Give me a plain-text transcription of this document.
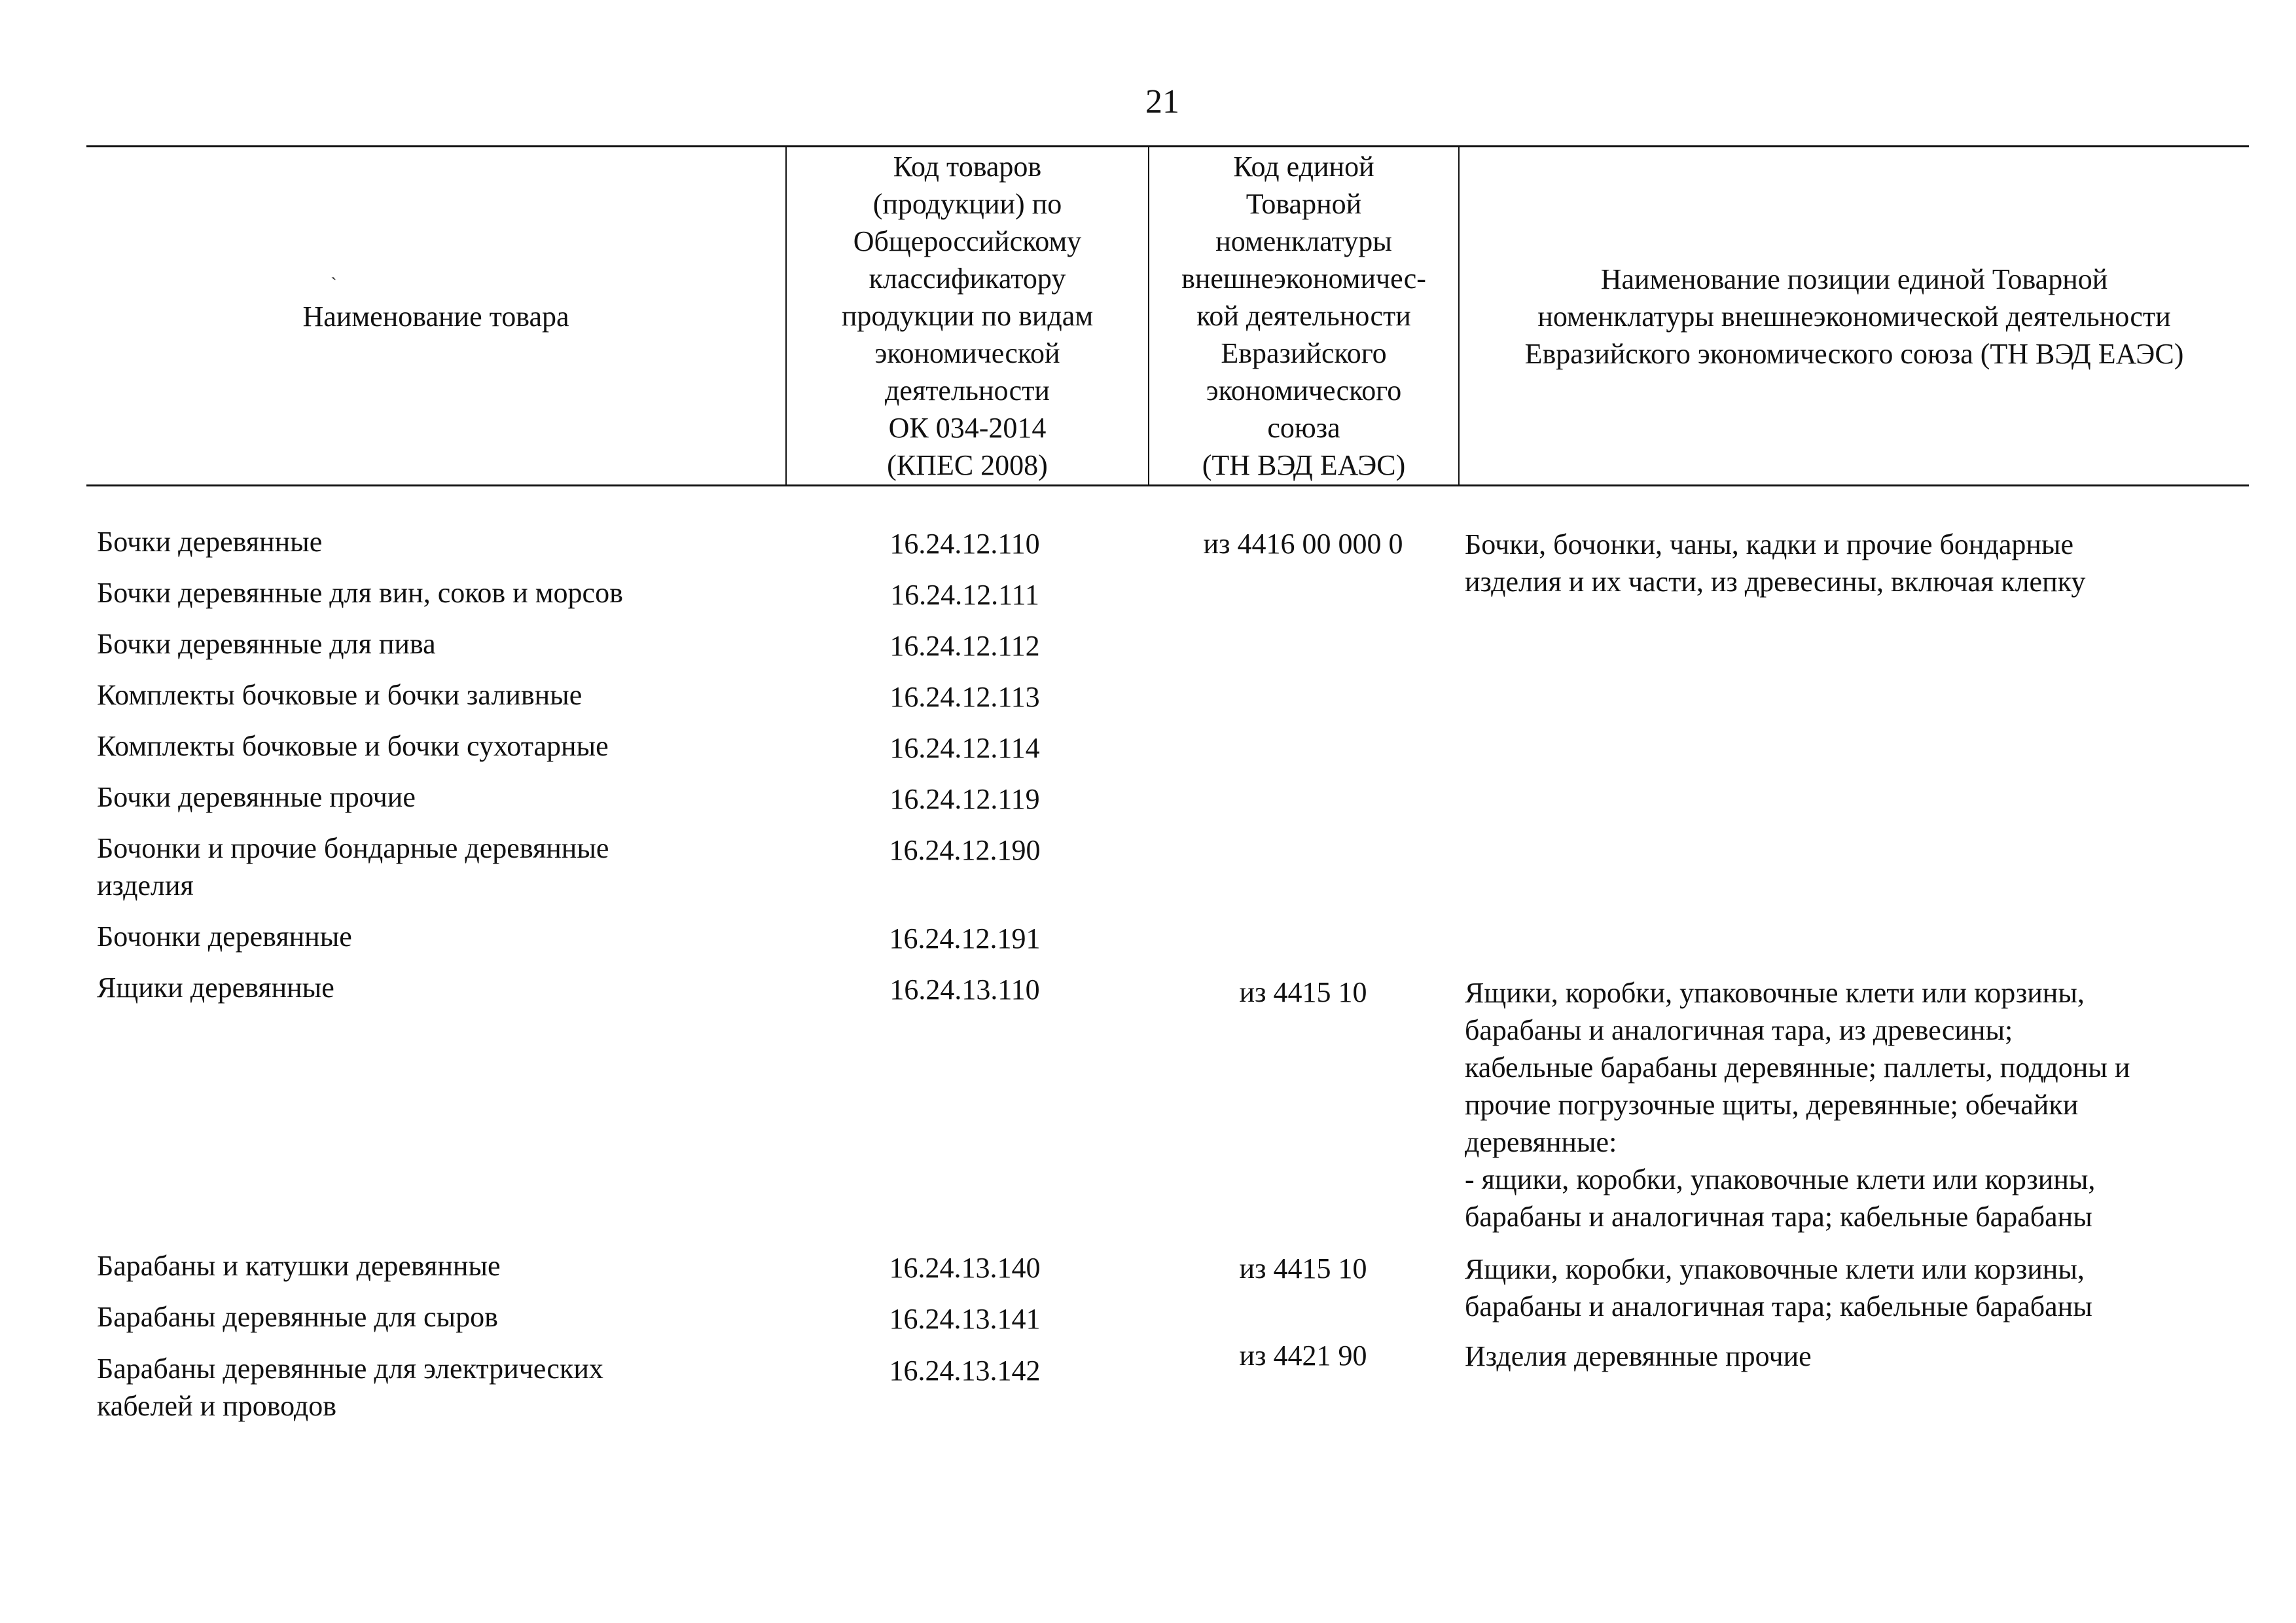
21
`
Наименование товара
Код товаров
(продукции) по
Общероссийскому
классификатору
продукции по видам
экономической
деятельности
ОК 034-2014
(КПЕС 2008)
Код единой
Товарной
номенклатуры
внешнеэкономичес-
кой деятельности
Евразийского
экономического
союза
(ТН ВЭД ЕАЭС)
Наименование позиции единой Товарной
номенклатуры внешнеэкономической деятельности
Евразийского экономического союза (ТН ВЭД ЕАЭС)
Бочки деревянные
Бочки деревянные для вин, соков и морсов
Бочки деревянные для пива
Комплекты бочковые и бочки заливные
Комплекты бочковые и бочки сухотарные
Бочки деревянные прочие
Бочонки и прочие бондарные деревянные изделия
Бочонки деревянные
Ящики деревянные
Барабаны и катушки деревянные
Барабаны деревянные для сыров
Барабаны деревянные для электрических кабелей и проводов
16.24.12.110
16.24.12.111
16.24.12.112
16.24.12.113
16.24.12.114
16.24.12.119
16.24.12.190
16.24.12.191
16.24.13.110
16.24.13.140
16.24.13.141
16.24.13.142
из 4416 00 000 0
из 4415 10
из 4415 10
из 4421 90
Бочки, бочонки, чаны, кадки и прочие бондарные
изделия и их части, из древесины, включая клепку
Ящики, коробки, упаковочные клети или корзины,
барабаны и аналогичная тара, из древесины;
кабельные барабаны деревянные; паллеты, поддоны и
прочие погрузочные щиты, деревянные; обечайки
деревянные:
- ящики, коробки, упаковочные клети или корзины,
барабаны и аналогичная тара; кабельные барабаны
Ящики, коробки, упаковочные клети или корзины,
барабаны и аналогичная тара; кабельные барабаны
Изделия деревянные прочие
